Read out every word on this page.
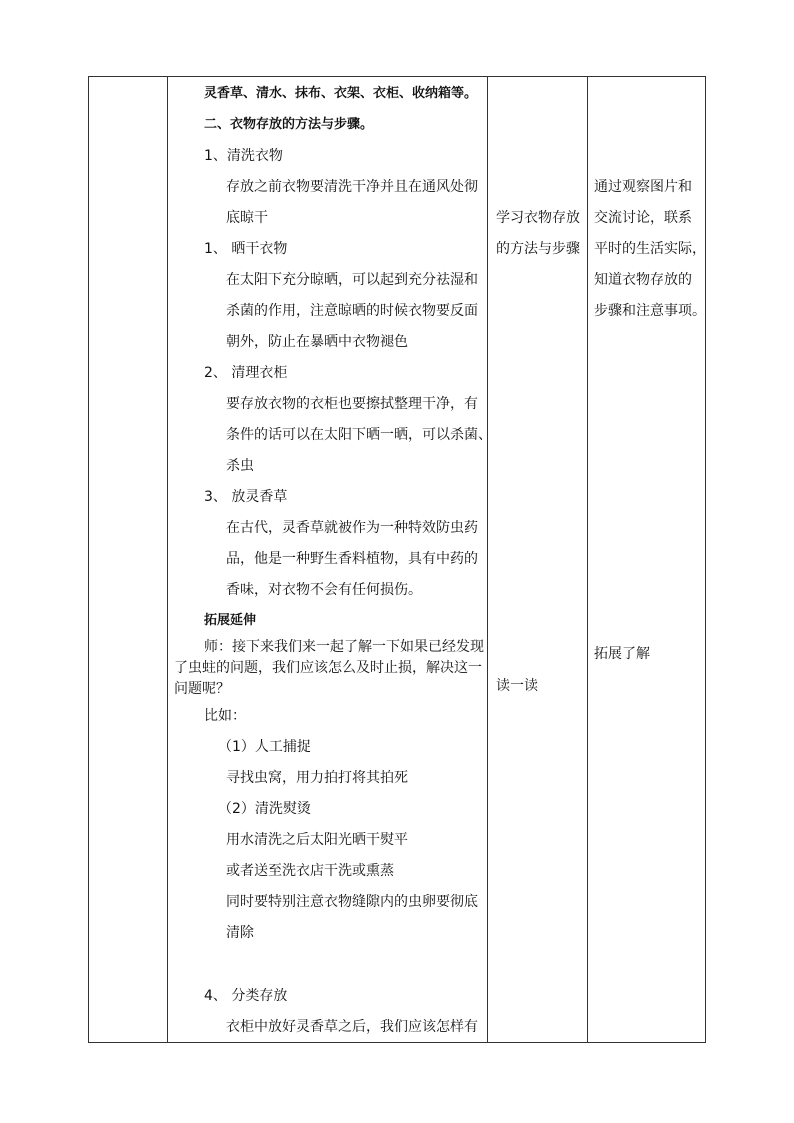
灵香草、清水、抹布、衣架、衣柜、收纳箱等。
二、衣物存放的方法与步骤。
1、清洗衣物
存放之前衣物要清洗干净并且在通风处彻
底晾干
1、 晒干衣物
在太阳下充分晾晒，可以起到充分祛湿和
杀菌的作用，注意晾晒的时候衣物要反面
朝外，防止在暴晒中衣物褪色
2、 清理衣柜
要存放衣物的衣柜也要擦拭整理干净，有
条件的话可以在太阳下晒一晒，可以杀菌、
杀虫
3、 放灵香草
在古代，灵香草就被作为一种特效防虫药
品，他是一种野生香料植物，具有中药的
香味，对衣物不会有任何损伤。
拓展延伸
师：接下来我们来一起了解一下如果已经发现
了虫蛀的问题，我们应该怎么及时止损，解决这一
问题呢？
比如：
（1）人工捕捉
寻找虫窝，用力拍打将其拍死
（2）清洗熨烫
用水清洗之后太阳光晒干熨平
或者送至洗衣店干洗或熏蒸
同时要特别注意衣物缝隙内的虫卵要彻底
清除
4、 分类存放
衣柜中放好灵香草之后，我们应该怎样有
学习衣物存放
的方法与步骤
读一读
通过观察图片和
交流讨论，联系
平时的生活实际，
知道衣物存放的
步骤和注意事项。
拓展了解
